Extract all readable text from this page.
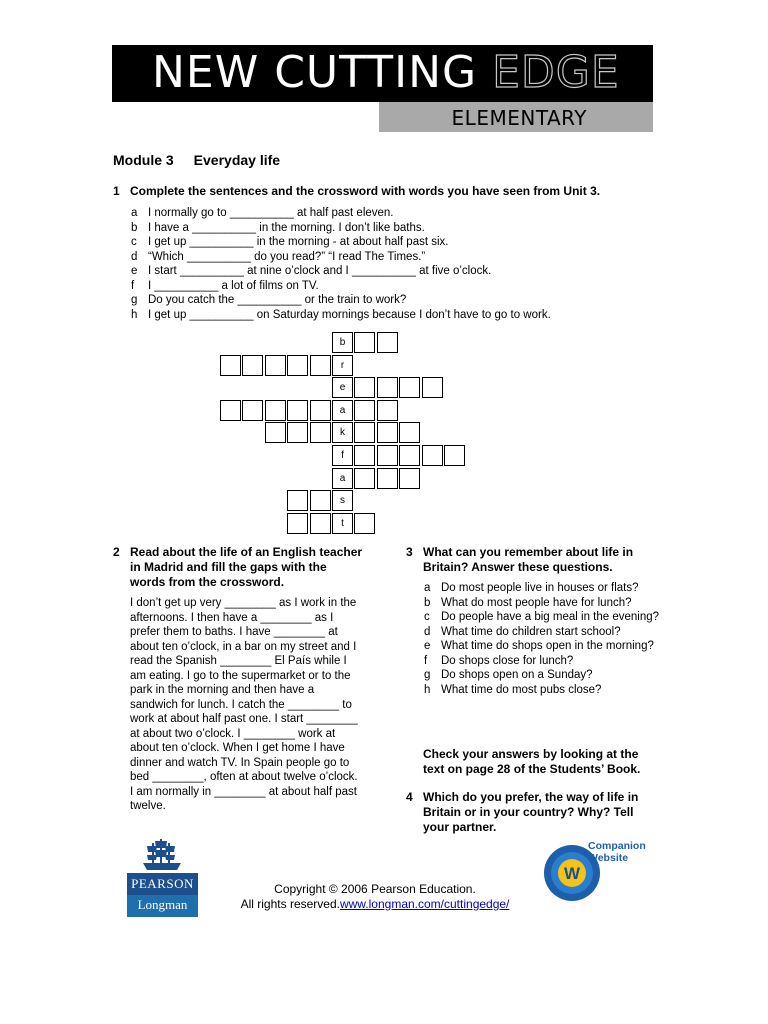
NEW CUTTING EDGE
ELEMENTARY
Module 3 Everyday life
1 Complete the sentences and the crossword with words you have seen from Unit 3.
a I normally go to __________ at half past eleven.
b I have a __________ in the morning. I don’t like baths.
c I get up __________ in the morning - at about half past six.
d “Which __________ do you read?” “I read The Times.”
e I start __________ at nine o’clock and I __________ at five o’clock.
f I __________ a lot of films on TV.
g Do you catch the __________ or the train to work?
h I get up __________ on Saturday mornings because I don’t have to go to work.
b
r
e
a
k
f
a
s
t
2 Read about the life of an English teacher in Madrid and fill the gaps with the words from the crossword.

I don’t get up very ________ as I work in the afternoons. I then have a ________ as I prefer them to baths. I have ________ at about ten o’clock, in a bar on my street and I read the Spanish ________ El País while I am eating. I go to the supermarket or to the park in the morning and then have a sandwich for lunch. I catch the ________ to work at about half past one. I start ________ at about two o’clock. I ________ work at about ten o’clock. When I get home I have dinner and watch TV. In Spain people go to bed ________, often at about twelve o’clock. I am normally in ________ at about half past twelve.

3 What can you remember about life in Britain? Answer these questions.
a Do most people live in houses or flats?
b What do most people have for lunch?
c Do people have a big meal in the evening?
d What time do children start school?
e What time do shops open in the morning?
f Do shops close for lunch?
g Do shops open on a Sunday?
h What time do most pubs close?
Check your answers by looking at the text on page 28 of the Students’ Book.
4 Which do you prefer, the way of life in Britain or in your country? Why? Tell your partner.
PEARSON
Longman
Copyright © 2006 Pearson Education.
All rights reserved.www.longman.com/cuttingedge/
W
Companion
Website
